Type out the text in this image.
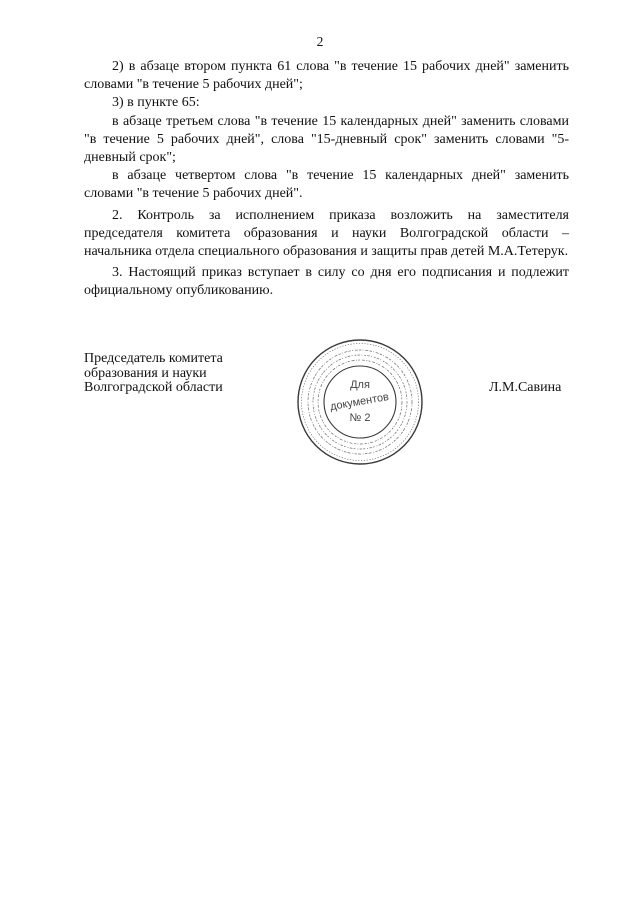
2

2) в абзаце втором пункта 61 слова "в течение 15 рабочих дней" заменить словами "в течение 5 рабочих дней";

3) в пункте 65:

в абзаце третьем слова "в течение 15 календарных дней" заменить словами "в течение 5 рабочих дней", слова "15-дневный срок" заменить словами "5-дневный срок";

в абзаце четвертом слова "в течение 15 календарных дней" заменить словами "в течение 5 рабочих дней".

2. Контроль за исполнением приказа возложить на заместителя председателя комитета образования и науки Волгоградской области – начальника отдела специального образования и защиты прав детей М.А.Тетерук.

3. Настоящий приказ вступает в силу со дня его подписания и подлежит официальному опубликованию.

Председатель комитета
образования и науки
Волгоградской области	Для
документов
№ 2
Л.М.Савина
